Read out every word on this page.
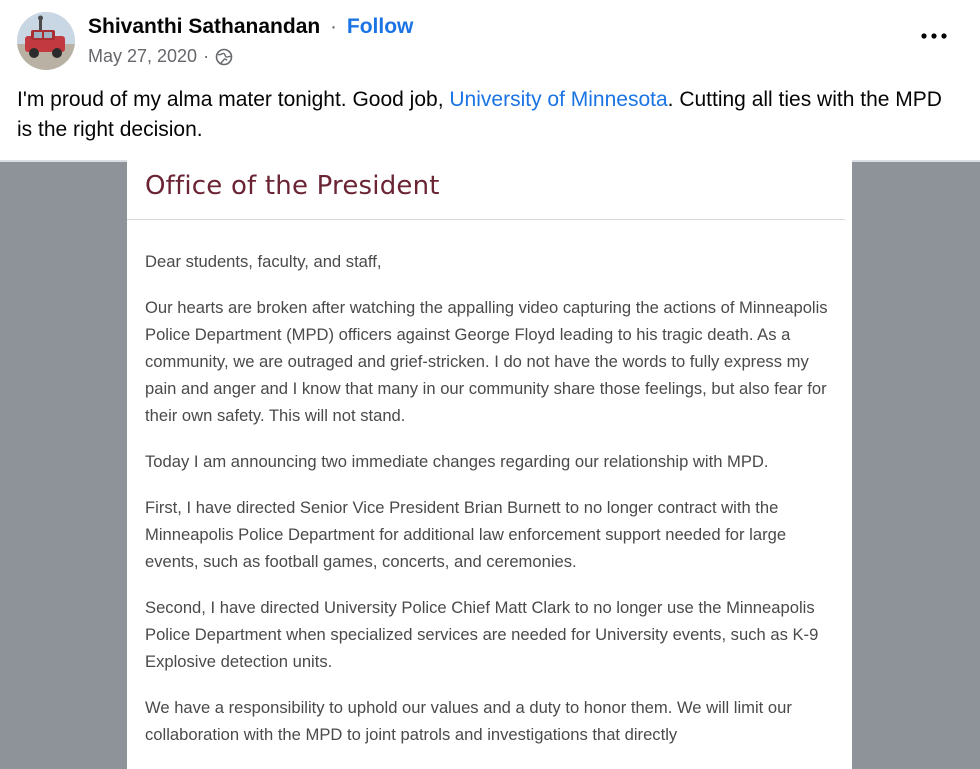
Shivanthi Sathanandan · Follow
May 27, 2020 ·
I'm proud of my alma mater tonight. Good job, University of Minnesota. Cutting all ties with the MPD is the right decision.
Office of the President

Dear students, faculty, and staff,

Our hearts are broken after watching the appalling video capturing the actions of Minneapolis Police Department (MPD) officers against George Floyd leading to his tragic death. As a community, we are outraged and grief-stricken. I do not have the words to fully express my pain and anger and I know that many in our community share those feelings, but also fear for their own safety. This will not stand.

Today I am announcing two immediate changes regarding our relationship with MPD.

First, I have directed Senior Vice President Brian Burnett to no longer contract with the Minneapolis Police Department for additional law enforcement support needed for large events, such as football games, concerts, and ceremonies.

Second, I have directed University Police Chief Matt Clark to no longer use the Minneapolis Police Department when specialized services are needed for University events, such as K-9 Explosive detection units.

We have a responsibility to uphold our values and a duty to honor them. We will limit our collaboration with the MPD to joint patrols and investigations that directly
